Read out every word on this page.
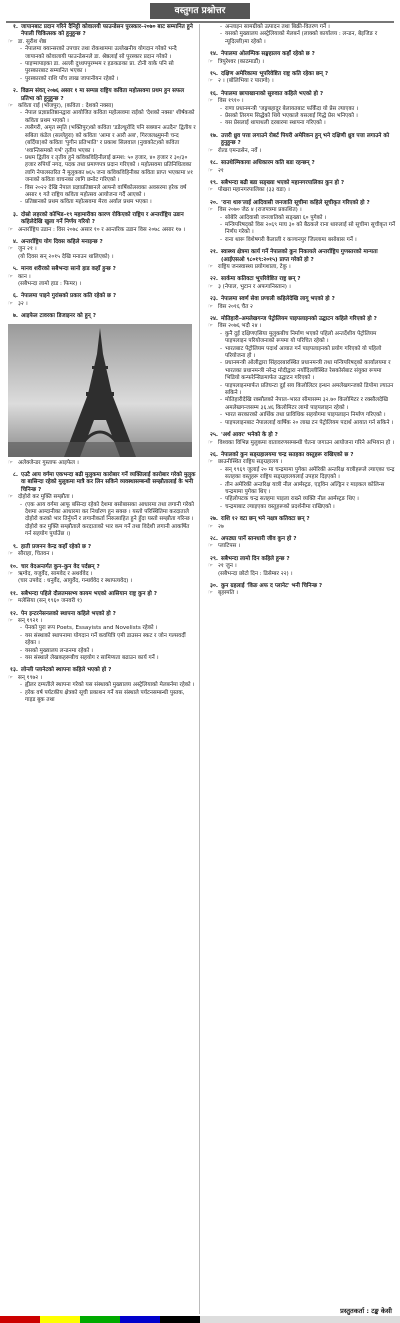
वस्तुगत प्रश्नोत्तर
१. जापानबाट प्रदान गरिने दैनिट्टी कोवालयी फाउन्डेसन पुरस्कार–२०७० बाट सम्मानित हुने नेपाली चिकित्सक को हुनुहुन्छ ?
☞ डा. सुरीश शेष्ठ
- नेपालमा क्यान्सरको उपचार तथा रोकथाममा उल्लेखनीय योगदान गरेको भन्दै जापानको कोवालायी फाउन्डेसनले डा. श्रेष्ठलाई सो पुरस्कार प्रदान गरेको ।
- पाइप्मापाइका डा. अल्ली दुध्धपपुरम्भम र हङकङका प्रा. टोनी याके पनि सो पुरस्कारबाट सम्मानित भएका ।
- पुरस्कारको राशि पाँच लाख जापानीयन रहेको ।
२. विक्रम संवत् २०७६ असार १ मा सम्पन्न राष्ट्रिय कविता महोत्सवमा प्रथम हुन सफल प्रतिभा को हुनुहुन्छ ?
☞ कविता राई (भोजपुर), (कविता : देशको नक्सा)
- नेपाल प्रज्ञाप्रतिष्ठानद्वारा आयोजित कविता महोत्सवमा राईको 'देशको नक्सा' शीर्षकको कविता प्रथम भएको ।
- त्यसैगरी, अमृत स्मृति (भक्तिपुर)को कविता 'डडेल्धुरोदि पनि सक्यान अउदैन' द्वितीय र सबिता कंडेल (सल्लेहुरा) को कविता 'आमा र आरौ अब', गिरजलक्ष्मुमनी चन्द (बर्दिया)को कविता 'पुगीन प्रतिभाति' र प्रकाश सिलवाल (नुवाकोट)को कविता 'श्वान्तिसमको गर्भ' तृतीय भएका ।
- प्रथम द्वितीय र तृतीय हुने कविकविहिनीलाई क्रमश: ५० हजार, ४० हजार र ३०/३० हजार रुपियाँ नगद, पदक तथा प्रमाणपत्र प्रदान गरिएको । महोत्सवमा प्रतिनिधित्वका लागि नेपालस्तरित नै मुलुकका ७६५ जना कविकविहिनीका कविता प्राप्त भएकामा ४१ जनाको कविता वाचनका लागि छनोट गरिएको ।
- विस २०२२ देखि नेपाल प्रज्ञाप्रतिष्ठानले आफ्नो वार्षिकोत्सवका अवसरमा हरेक वर्ष असार १ गते राष्ट्रिय कविता महोत्सव आयोजना गर्दै आएको ।
- प्रतिष्ठानको प्रथम कविता महोत्सवमा मेरव अर्याल प्रथम भएका ।
३. दोस्रो लहरको कोभिड–१९ महामारीका कारण रोकिएको राष्ट्रिय र अन्तर्राष्ट्रिय उडान कहिलेदेखि खुला गर्ने निर्णय गरियो ?
☞ अन्तर्राष्ट्रिय उडान : विस २०७८ असार १० र आन्तरिक उडान विस २०७८ असार १७ ।
४. अन्तर्राष्ट्रिय योग दिवस कहिले मनाइन्छ ?
☞ जुन २१ ।
(यो दिवस सन् २०१५ देखि मनाउन थालिएको) ।
५. मानव शरीरको सबैभन्दा सानो हाड कहाँ हुन्छ ?
☞ कान ।
(सबैभन्दा लामो हाड : फिमर) ।
६. नेपालमा पाइने गुरांसको प्रकार कति रहेको छ ?
☞ ३२ ।
७. आइफेल टावरका डिजाइनर को हुन् ?
☞ अलेक्जेन्डर गुस्ताफ आइफेल ।
८. एउटै आय वर्गमा एकभन्दा बढी मुलुकमा कारोबार गर्ने व्यक्तिलाई कारोबार गरेको मुलुक वा बासिन्दा रहेको मुलुकमा मात्रै कर लिन सकिने व्यवस्थासम्बन्धी सम्झौतालाई के भनी चिनिन्छ ?
☞ दोहोरो कर मुक्ति सम्झौता ।
- (एक आय वर्गमा आफू बसिन्दा रहेको देशमा बसोबासका आधारमा तथा लगानी गरेको देशमा आम्दानीका आधारमा कर निर्धारण हुन सक्छ । यस्तो परिस्थितिमा करदाताले दोहोरो करको भार तिर्नुपर्ने र लगानीकर्ता निरुत्साहित हुने हुँदा यस्तो सम्झौता गरिन्छ । दोहोरो कर मुक्ति सम्झौताले करदाताको भार कम गर्ने तथा विदेशी लगानी आकर्षित गर्न सहयोग पुर्याउँछ ।)
९. हाती प्रजनन केन्द्र कहाँ रहेको छ ?
☞ सौराहा, चितवन ।
१०. चार वेदअन्तर्गत कुन–कुन वेद पर्दछन् ?
☞ ऋग्वेद, यजुर्वेद, सामवेद र अथर्ववेद ।
(चार उपवेद : धनुर्वेद, आयुर्वेद, गन्धर्ववेद र स्थापत्यवेद) ।
११. सबैभन्दा पहिले दौलतमसभ्य कायम भएको आसियान राष्ट्र कुन हो ?
☞ मलेसिया (सन् १९६० जनवरी १)
१२. पेन इन्टरनेसनलको स्थापना कहिले भएको हो ?
☞ सन् १९२१ ।
- पेनको पुरा रूप Poets, Essayists and Novelists रहेको ।
- यस संस्थाको स्थापनामा योगदान गर्ने कवयित्रि एमी डाउसन स्कट र जोन गल्सवर्दी रहेका ।
- यसको मुख्यालय लन्डनमा रहेको ।
- यस संस्थाले लेखकहरूबीच सहयोग र सामिप्यता बढाउन कार्य गर्ने ।
१३. लोन्ली प्लानेटको स्थापना कहिले भएको हो ?
☞ सन् १९७२ ।
- ह्वीलर दम्पतीले स्थापना गरेको यस संस्थाको मुख्यालय अस्ट्रेलियाको मेलबर्नमा रहेको ।
- हरेक वर्ष पर्यटकीय क्षेत्रको सूची प्रकाशन गर्ने यस संस्थाले पर्यटनसम्बन्धी पुस्तक, गाइड बुक तथा
- अन्लाइन सामग्रीको उत्पादन तथा बिक्री-वितरण गर्ने ।
- यसको मुख्यालय अस्ट्रेलियाको मेलबर्न (लाक्को कार्यालय : लन्डन, बेइजिङ र न्यूदिल्ली)मा रहेको ।
१४. नेपालमा ओलम्पिक सङ्घहालय कहाँ रहेको छ ?
☞ त्रिपुरेश्वर (काठमाडौं) ।
१५. दक्षिण अमेरिकामा भूपरिवेष्टित राष्ट्र कति रहेका छन् ?
☞ २ । (बोलिभिया र पाराग्वे) ।
१६. नेपालमा छापाखानाको सुरुवात कहिले भएको हो ?
☞ विस १९१० ।
- राणा प्रधानमन्त्री 'जङ्गबहादुर बेलायतबाट फर्किँदा यो प्रेस ल्याएका ।
- प्रेसको तिरगम सिद्धेको थिये भएकाले यसलाई गिद्धे प्रेस भनिएको ।
- यस प्रेसलाई थापाथली दरबारमा स्थापना गरिएको ।
१७. उत्तरी ध्रुव पत्ता लगाउने रोबर्ट पियरी अमेरिकन हुन् भने दक्षिणी ध्रुव पत्ता लगाउने को हुनुहुन्छ ?
☞ रोल्ड एमन्डसेन, नर्वे ।
१८. साउथेल्मिकाया अधिकारम कति बडा रहन्छन् ?
☞ २१
१९. सबैभन्दा बढी बडा सङ्ख्या भएको महानगरपालिका कुन हो ?
☞ पोखरा महानगरपालिका (३३ वडा) ।
२०. 'राना थारु'लाई आदिवासी जनजाति सूचीमा कहिले सूचीकृत गरिएको हो ?
☞ विस २०७० जेठ ४ (राजपत्रमा प्रकाशित) ।
- सोबेरि आदिवासी जनजातिको सङ्ख्या ६० पुगेको ।
- मन्त्रिपरिषद्को विस २०६९ माघ ३० को बैठकले राना थारुलाई सो सूचीमा सूचीकृत गर्ने निर्णय गरेको ।
- राना थारू विशेषगरी कैलाली र कञ्चनपुर जिल्लामा बसोबास गर्ने ।
२१. स्वास्थ्य क्षेत्रमा कार्य गर्ने नेपालको कुन निकायले अन्तर्राष्ट्रिय गुणस्तरको मान्यता (आईएसओ ९८०१९:२०१५) प्राप्त गरेको हो ?
☞ राष्ट्रिय जनस्वास्थ्य प्रयोगशाला, टेकु ।
२२. सार्कमा कतिवटा भूपरिवेष्टित राष्ट्र छन् ?
☞ ३ (नेपाल, भुटान र अफगानिस्तान) ।
२३. नेपालमा स्वर्ण सेवा प्रणाली कहिलेदेखि लागू भएको हो ?
☞ विस २०१६ चैत २
२४. मोतिहारी–अमलेखगन्ज पेट्रोलियम पाइपलाइनको उद्घाटन कहिले गरिएको हो ?
☞ विस २०७६ भदौ २४ ।
- कुनै दुई दक्षिणएसिया मुलुकबीच निर्माण भएको पहिलो अन्तर्देशीय पेट्रोलियम पाइपलाइन परियोजनाको रूपमा यो परिचित रहेको ।
- भारतबाट पेट्रोलियम पदार्थ आयात गर्न पाइपलाइनको प्रयोग गरिएको यो पहिलो परियोजना हो ।
- प्रधानमन्त्री ओलीद्वारा सिंहदरबारस्थित प्रधानमन्त्री तथा मन्त्रिपरिषद्को कार्यालयमा र भारतका प्रधानमन्त्री नरेन्द्र मोदीद्वारा नयाँदिल्लीस्थित रेसकोर्सबाट संयुक्त रूपमा भिडियो कन्फरेन्सिङमार्फत उद्घाटन गरिएको ।
- पाइपलाइनमार्फत प्रतिघन्टा दुई सय किलोलिटर इन्धन अमलेखगन्जको डिपोमा ल्याउन सकिने ।
- मोतिहारीदेखि रक्सौलको नेपाल–भारत सीमासम्म ३२.७० किलोमिटर र रक्सौलदेखि अमलेखगन्जसम्म ३६.४६ किलोमिटर लामो पाइपलाइन रहेको ।
- भारत सरकारको आर्थिक तथा प्राविधिक सहयोगमा पाइपलाइन निर्माण गरिएको ।
- पाइपलाइनबाट नेपाललाई वार्षिक २० लाख टन पेट्रोलियम पदार्थ आयात गर्न सकिने ।
२५. 'अर्थ आवर' भनेको के हो ?
☞ विश्वका विभिन्न मुलुकमा वातावरणसम्बन्धी चेतना जगाउन आयोजना गरिने अभियान हो ।
२६. नेपालको कुन सङ्ग्रहालयमा चन्द्र सतहका वस्तुहरू राखिएको छ ?
☞ छाउनीस्थित राष्ट्रिय सङ्ग्रहालय ।
- सन् १९६९ जुलाई २० मा चन्द्रमामा पुगेका अमेरिकी अन्तरिक्ष यात्रीहरूले ल्याएका चन्द्र सतहका वस्तुहरू राष्ट्रिय सङ्ग्रहालयलाई उपहार दिइएको ।
- तीन अमेरिकी अन्तरिक्ष यात्री नील आर्मस्ट्रङ, एड्विन अल्ड्रिन र माइकल कोलिन्स चन्द्रमामा पुगेका थिए ।
- पहिलोपटक चन्द्र सतहमा पाइला राख्ने व्यक्ति नील आर्मस्ट्रङ थिए ।
- चन्द्रमाबाट ल्याइएका वस्तुहरूको प्रदर्शनीमा राखिएको ।
२७. राशि १२ वटा छन् भने नक्षत्र कतिवटा छन् ?
☞ २७
२८. अपठ्या पार्ने स्तनधारी जीव कुन हो ?
☞ प्लाटिपस ।
२९. सबैभन्दा लामो दिन कहिले हुन्छ ?
☞ २१ जुन ।
(सबैभन्दा छोटो दिन : डिसेम्बर २२) ।
३०. कुन ग्रहलाई 'किङ अफ द प्लानेट' भनी चिनिन्छ ?
☞ बृहस्पति ।
प्रस्तुतकर्ता : टङ्क केसी
